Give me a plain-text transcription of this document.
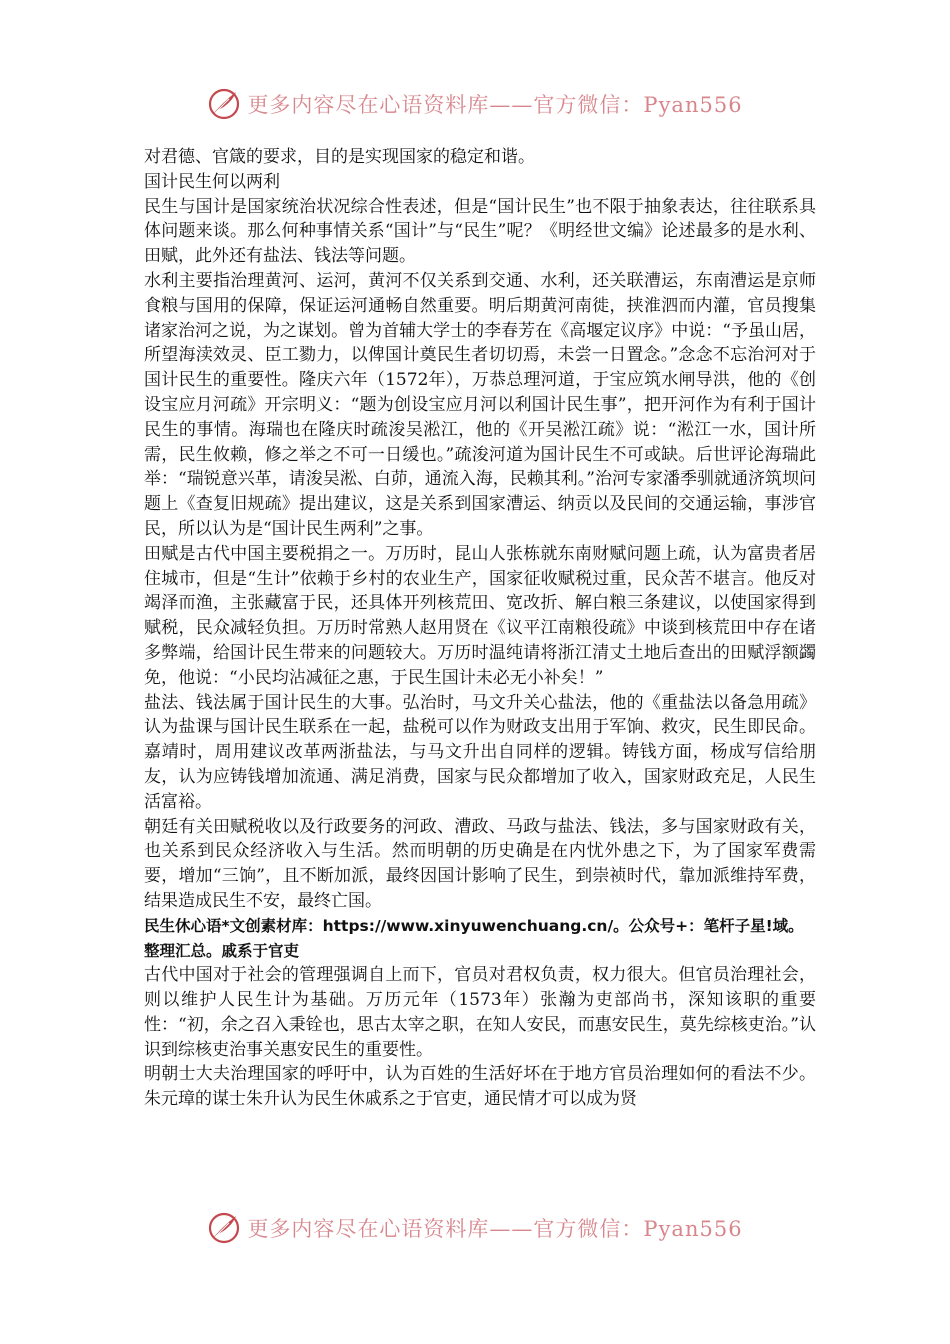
更多内容尽在心语资料库——官方微信：Pyan556

对君德、官箴的要求，目的是实现国家的稳定和谐。

国计民生何以两利

民生与国计是国家统治状况综合性表述，但是“国计民生”也不限于抽象表达，往往联系具体问题来谈。那么何种事情关系“国计”与“民生”呢？《明经世文编》论述最多的是水利、田赋，此外还有盐法、钱法等问题。

水利主要指治理黄河、运河，黄河不仅关系到交通、水利，还关联漕运，东南漕运是京师食粮与国用的保障，保证运河通畅自然重要。明后期黄河南徙，挟淮泗而内灌，官员搜集诸家治河之说，为之谋划。曾为首辅大学士的李春芳在《高堰定议序》中说：“予虽山居，所望海渎效灵、臣工勠力，以俾国计奠民生者切切焉，未尝一日置念。”念念不忘治河对于国计民生的重要性。隆庆六年（1572年），万恭总理河道，于宝应筑水闸导洪，他的《创设宝应月河疏》开宗明义：“题为创设宝应月河以利国计民生事”，把开河作为有利于国计民生的事情。海瑞也在隆庆时疏浚吴淞江，他的《开吴淞江疏》说：“淞江一水，国计所需，民生攸赖，修之举之不可一日缓也。”疏浚河道为国计民生不可或缺。后世评论海瑞此举：“瑞锐意兴革，请浚吴淞、白茆，通流入海，民赖其利。”治河专家潘季驯就通济筑坝问题上《查复旧规疏》提出建议，这是关系到国家漕运、纳贡以及民间的交通运输，事涉官民，所以认为是“国计民生两利”之事。

田赋是古代中国主要税捐之一。万历时，昆山人张栋就东南财赋问题上疏，认为富贵者居住城市，但是“生计”依赖于乡村的农业生产，国家征收赋税过重，民众苦不堪言。他反对竭泽而渔，主张藏富于民，还具体开列核荒田、宽改折、解白粮三条建议，以使国家得到赋税，民众减轻负担。万历时常熟人赵用贤在《议平江南粮役疏》中谈到核荒田中存在诸多弊端，给国计民生带来的问题较大。万历时温纯请将浙江清丈土地后查出的田赋浮额蠲免，他说：“小民均沾减征之惠，于民生国计未必无小补矣！”

盐法、钱法属于国计民生的大事。弘治时，马文升关心盐法，他的《重盐法以备急用疏》认为盐课与国计民生联系在一起，盐税可以作为财政支出用于军饷、救灾，民生即民命。嘉靖时，周用建议改革两浙盐法，与马文升出自同样的逻辑。铸钱方面，杨成写信给朋友，认为应铸钱增加流通、满足消费，国家与民众都增加了收入，国家财政充足，人民生活富裕。

朝廷有关田赋税收以及行政要务的河政、漕政、马政与盐法、钱法，多与国家财政有关，也关系到民众经济收入与生活。然而明朝的历史确是在内忧外患之下，为了国家军费需要，增加“三饷”，且不断加派，最终因国计影响了民生，到崇祯时代，靠加派维持军费，结果造成民生不安，最终亡国。

民生休心语*文创素材库：https://www.xinyuwenchuang.cn/。公众号+：笔杆子星!域。整理汇总。戚系于官吏

古代中国对于社会的管理强调自上而下，官员对君权负责，权力很大。但官员治理社会，则以维护人民生计为基础。万历元年（1573年）张瀚为吏部尚书，深知该职的重要性：“初，余之召入秉铨也，思古太宰之职，在知人安民，而惠安民生，莫先综核吏治。”认识到综核吏治事关惠安民生的重要性。

明朝士大夫治理国家的呼吁中，认为百姓的生活好坏在于地方官员治理如何的看法不少。朱元璋的谋士朱升认为民生休戚系之于官吏，通民情才可以成为贤

更多内容尽在心语资料库——官方微信：Pyan556
